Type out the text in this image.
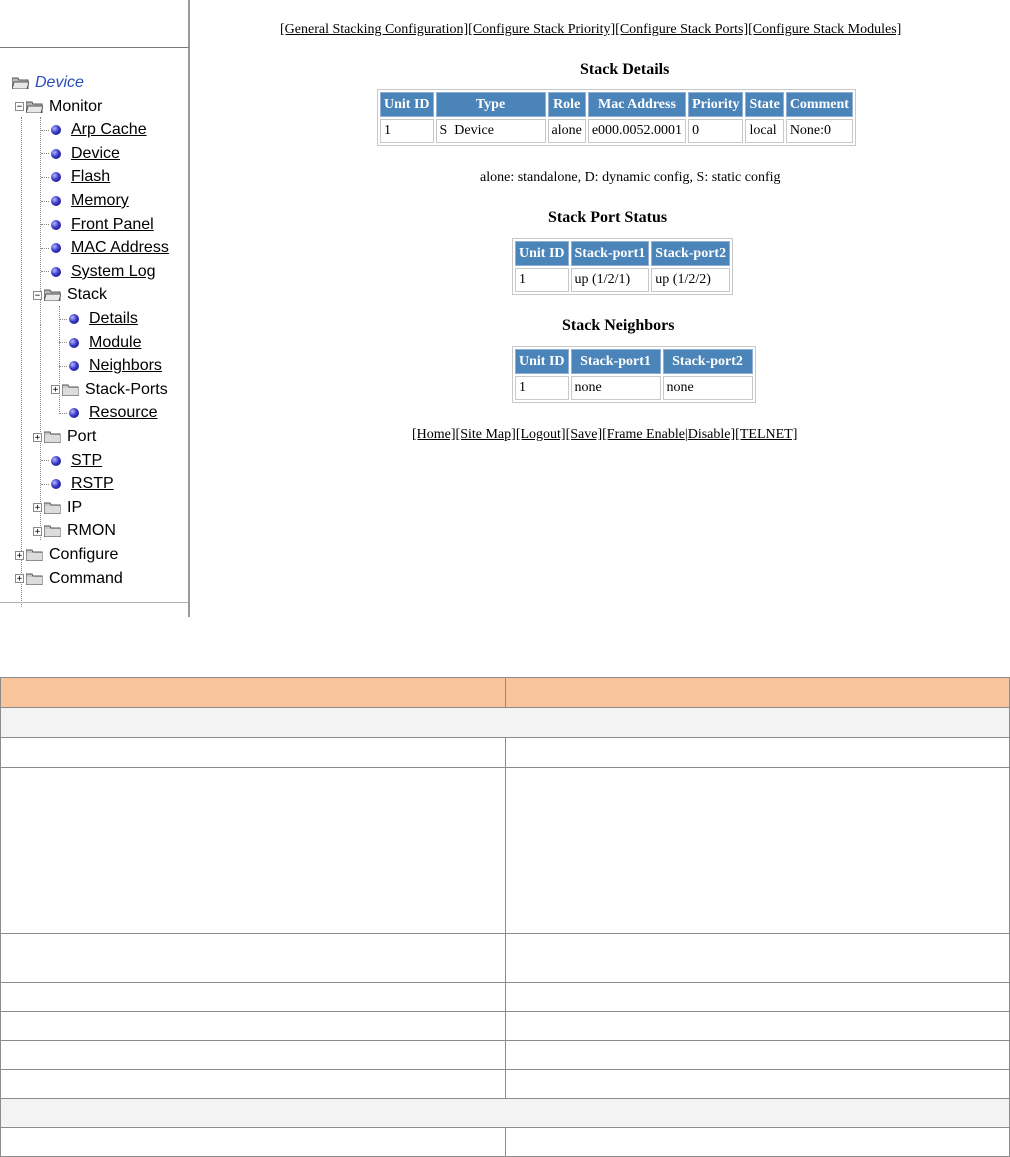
Device
− Monitor
Arp Cache
Device
Flash
Memory
Front Panel
MAC Address
System Log
− Stack
Details
Module
Neighbors
+ Stack-Ports
Resource
+ Port
STP
RSTP
+ IP
+ RMON
+ Configure
+ Command
[General Stacking Configuration][Configure Stack Priority][Configure Stack Ports][Configure Stack Modules]
Stack Details
Unit ID	Type	Role	Mac Address	Priority	State	Comment
1	S  Device	alone	e000.0052.0001	0	local	None:0
alone: standalone, D: dynamic config, S: static config
Stack Port Status
Unit ID	Stack-port1	Stack-port2
1	up (1/2/1)	up (1/2/2)
Stack Neighbors
Unit ID	Stack-port1	Stack-port2
1	none	none
[Home][Site Map][Logout][Save][Frame Enable|Disable][TELNET]
